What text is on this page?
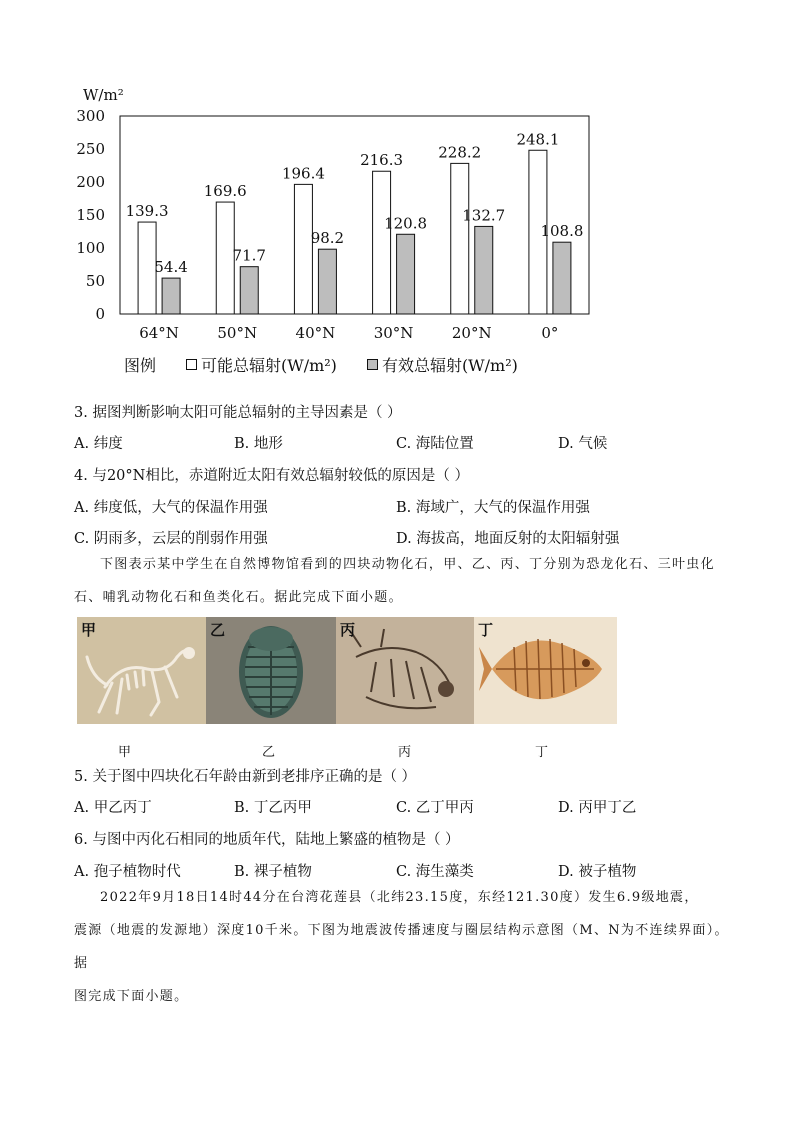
W/m²
0
50
100
150
200
250
300
139.3
54.4
64°N
169.6
71.7
50°N
196.4
98.2
40°N
216.3
120.8
30°N
228.2
132.7
20°N
248.1
108.8
0°
图例	可能总辐射(W/m²)	有效总辐射(W/m²)
3. 据图判断影响太阳可能总辐射的主导因素是（ ）
A. 纬度	B. 地形	C. 海陆位置	D. 气候
4. 与20°N相比，赤道附近太阳有效总辐射较低的原因是（ ）
A. 纬度低，大气的保温作用强	B. 海域广，大气的保温作用强
C. 阴雨多，云层的削弱作用强	D. 海拔高，地面反射的太阳辐射强
下图表示某中学生在自然博物馆看到的四块动物化石，甲、乙、丙、丁分别为恐龙化石、三叶虫化
石、哺乳动物化石和鱼类化石。据此完成下面小题。
甲	乙	丙	丁
甲	乙	丙	丁
5. 关于图中四块化石年龄由新到老排序正确的是（ ）
A. 甲乙丙丁	B. 丁乙丙甲	C. 乙丁甲丙	D. 丙甲丁乙
6. 与图中丙化石相同的地质年代，陆地上繁盛的植物是（ ）
A. 孢子植物时代	B. 裸子植物	C. 海生藻类	D. 被子植物
2022年9月18日14时44分在台湾花莲县（北纬23.15度，东经121.30度）发生6.9级地震，
震源（地震的发源地）深度10千米。下图为地震波传播速度与圈层结构示意图（M、N为不连续界面）。据
图完成下面小题。
